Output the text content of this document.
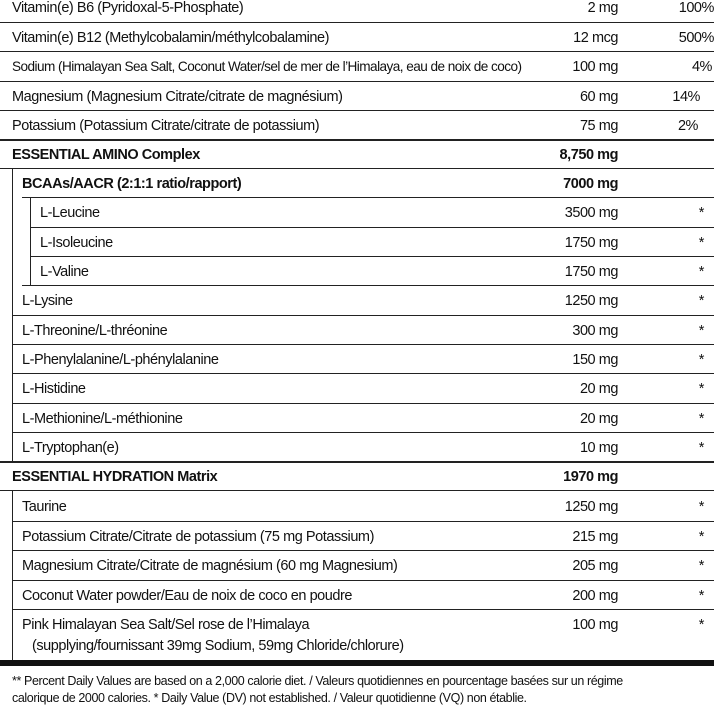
Vitamin(e) B6 (Pyridoxal-5-Phosphate)	2 mg	100%
Vitamin(e) B12 (Methylcobalamin/méthylcobalamine)	12 mcg	500%
Sodium (Himalayan Sea Salt, Coconut Water/sel de mer de l’Himalaya, eau de noix de coco)	100 mg	4%
Magnesium (Magnesium Citrate/citrate de magnésium)	60 mg	14%
Potassium (Potassium Citrate/citrate de potassium)	75 mg	2%
ESSENTIAL AMINO Complex	8,750 mg
BCAAs/AACR (2:1:1 ratio/rapport)	7000 mg
L-Leucine	3500 mg	*
L-Isoleucine	1750 mg	*
L-Valine	1750 mg	*
L-Lysine	1250 mg	*
L-Threonine/L-thréonine	300 mg	*
L-Phenylalanine/L-phénylalanine	150 mg	*
L-Histidine	20 mg	*
L-Methionine/L-méthionine	20 mg	*
L-Tryptophan(e)	10 mg	*
ESSENTIAL HYDRATION Matrix	1970 mg
Taurine	1250 mg	*
Potassium Citrate/Citrate de potassium (75 mg Potassium)	215 mg	*
Magnesium Citrate/Citrate de magnésium (60 mg Magnesium)	205 mg	*
Coconut Water powder/Eau de noix de coco en poudre	200 mg	*
Pink Himalayan Sea Salt/Sel rose de l’Himalaya	100 mg	*
(supplying/fournissant 39mg Sodium, 59mg Chloride/chlorure)
** Percent Daily Values are based on a 2,000 calorie diet. / Valeurs quotidiennes en pourcentage basées sur un régime
calorique de 2000 calories. * Daily Value (DV) not established. / Valeur quotidienne (VQ) non établie.
